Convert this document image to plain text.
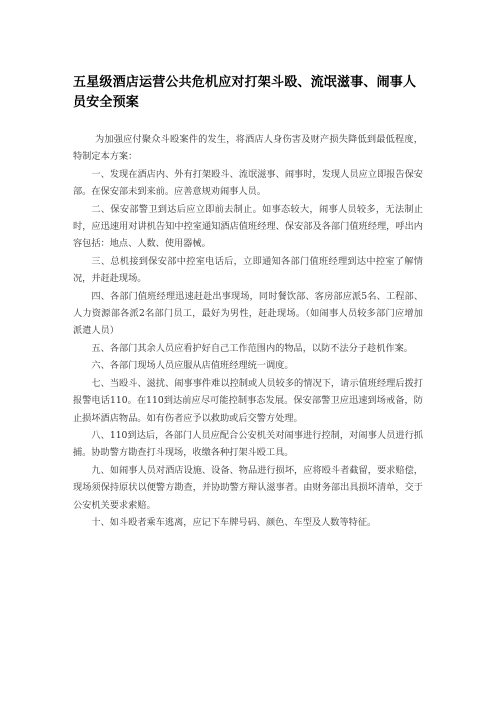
五星级酒店运营公共危机应对打架斗殴、流氓滋事、闹事人员安全预案

为加强应付聚众斗殴案件的发生，将酒店人身伤害及财产损失降低到最低程度，特制定本方案：

一、发现在酒店内、外有打架殴斗、流氓滋事、闹事时，发现人员应立即报告保安部。在保安部未到来前。应善意规劝闹事人员。

二、保安部警卫到达后应立即前去制止。如事态较大，闹事人员较多，无法制止时，应迅速用对讲机告知中控室通知酒店值班经理、保安部及各部门值班经理，呼出内容包括：地点、人数、使用器械。

三、总机接到保安部中控室电话后，立即通知各部门值班经理到达中控室了解情况，并赶赴现场。

四、各部门值班经理迅速赶赴出事现场，同时餐饮部、客房部应派5名、工程部、人力资源部各派2名部门员工，最好为男性，赶赴现场。（如闹事人员较多部门应增加派遣人员）

五、各部门其余人员应看护好自己工作范围内的物品，以防不法分子趁机作案。

六、各部门现场人员应服从店值班经理统一调度。

七、当殴斗、滋扰、闹事事件难以控制或人员较多的情况下，请示值班经理后拨打报警电话110。在110到达前应尽可能控制事态发展。保安部警卫应迅速到场戒备，防止损坏酒店物品。如有伤者应予以救助或后交警方处理。

八、110到达后，各部门人员应配合公安机关对闹事进行控制，对闹事人员进行抓捕。协助警方勘查打斗现场，收缴各种打架斗殴工具。

九、如闹事人员对酒店设施、设备、物品进行损坏，应将殴斗者截留，要求赔偿，现场须保持原状以便警方勘查，并协助警方辩认滋事者。由财务部出具损坏清单，交于公安机关要求索赔。

十、如斗殴者乘车逃离，应记下车牌号码、颜色、车型及人数等特征。
